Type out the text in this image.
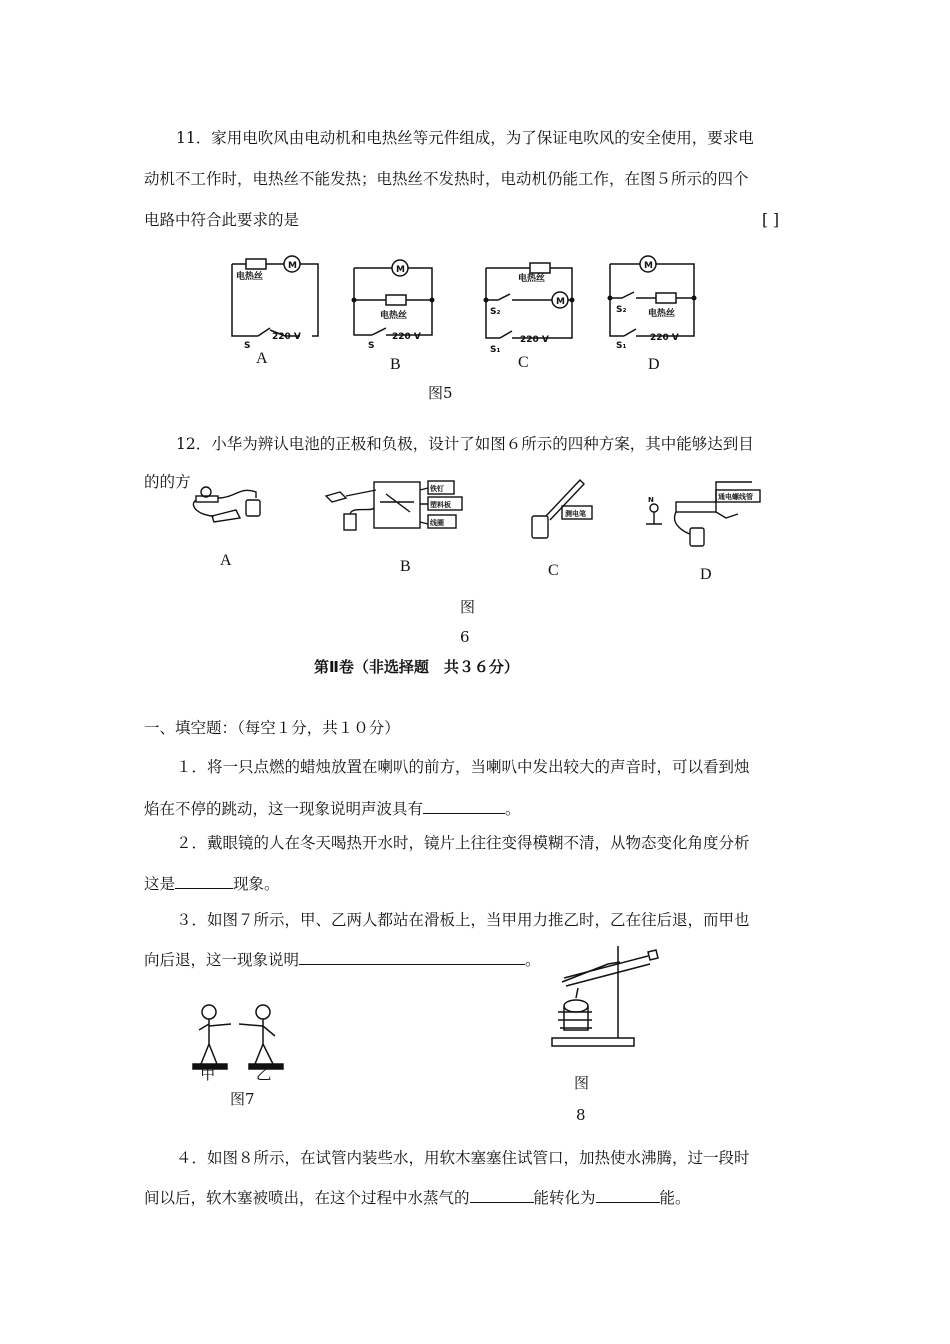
11．家用电吹风由电动机和电热丝等元件组成，为了保证电吹风的安全使用，要求电
动机不工作时，电热丝不能发热；电热丝不发热时，电动机仍能工作，在图５所示的四个
电路中符合此要求的是	[ ]
电热丝
M	M
M
M
电热丝
电热丝
电热丝
220 V	220 V	220 V	220 V
S	S
S₂
S₁
S₂
S₁
A	B	C	D
图5
12．小华为辨认电池的正极和负极，设计了如图６所示的四种方案，其中能够达到目
的的方	铁钉
塑料板
线圈
测电笔
通电螺线管
N
A	B	C	D
图
6
第Ⅱ卷（非选择题　共３６分）
一、填空题：（每空１分，共１０分）
１．将一只点燃的蜡烛放置在喇叭的前方，当喇叭中发出较大的声音时，可以看到烛
焰在不停的跳动，这一现象说明声波具有	。
２．戴眼镜的人在冬天喝热开水时，镜片上往往变得模糊不清，从物态变化角度分析
这是	现象。
３．如图７所示，甲、乙两人都站在滑板上，当甲用力推乙时，乙在往后退，而甲也
向后退，这一现象说明	。
甲	乙
图7
图
8
４．如图８所示，在试管内装些水，用软木塞塞住试管口，加热使水沸腾，过一段时
间以后，软木塞被喷出，在这个过程中水蒸气的	能转化为	能。
